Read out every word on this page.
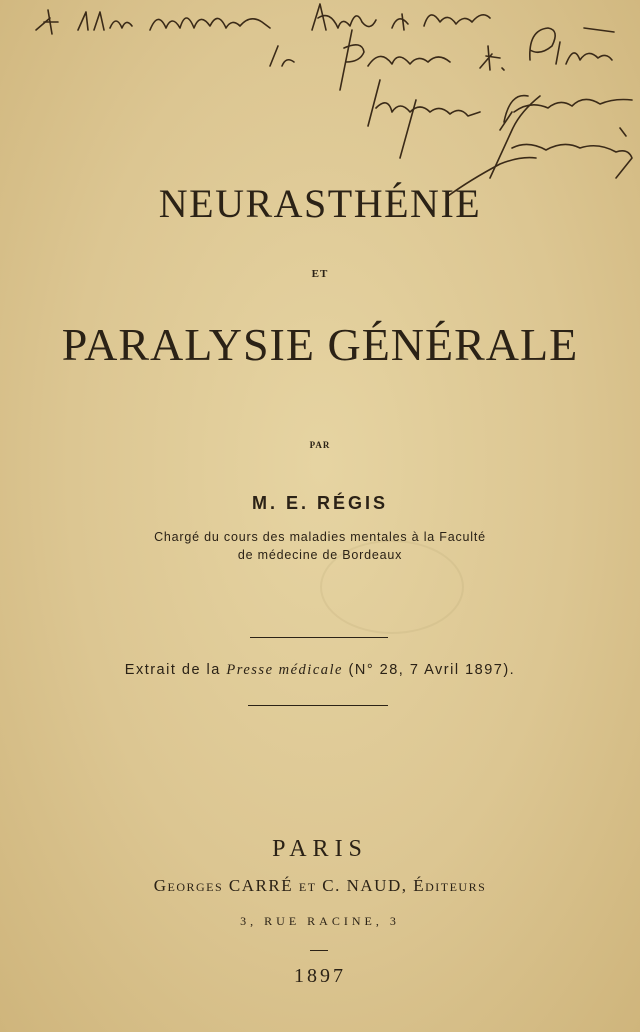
NEURASTHÉNIE
ET
PARALYSIE GÉNÉRALE
PAR
M. E. RÉGIS
Chargé du cours des maladies mentales à la Faculté
de médecine de Bordeaux
Extrait de la Presse médicale (N° 28, 7 Avril 1897).
PARIS
Georges CARRÉ et C. NAUD, Éditeurs
3, RUE RACINE, 3
1897
